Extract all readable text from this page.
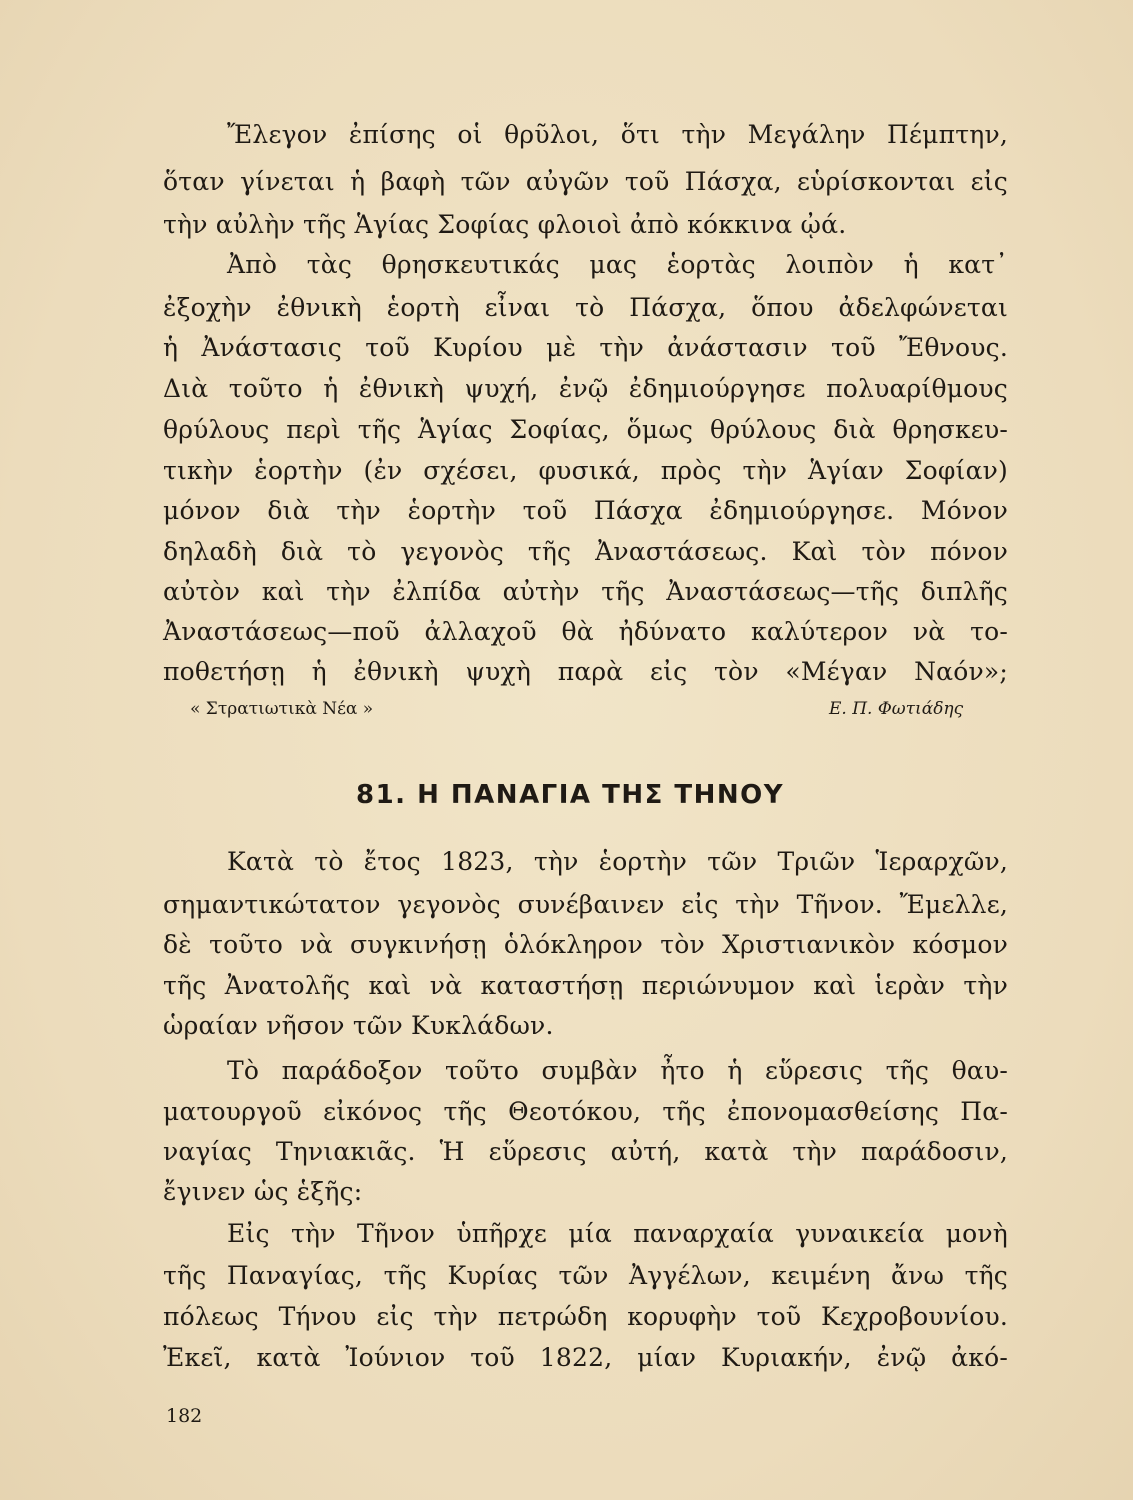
Ἔλεγον ἐπίσης οἱ θρῦλοι, ὅτι τὴν Μεγάλην Πέμπτην,
ὅταν γίνεται ἡ βαφὴ τῶν αὐγῶν τοῦ Πάσχα, εὑρίσκονται εἰς
τὴν αὐλὴν τῆς Ἁγίας Σοφίας φλοιοὶ ἀπὸ κόκκινα ᾠά.
Ἀπὸ τὰς θρησκευτικάς μας ἑορτὰς λοιπὸν ἡ κατ᾽
ἐξοχὴν ἐθνικὴ ἑορτὴ εἶναι τὸ Πάσχα, ὅπου ἀδελφώνεται
ἡ Ἀνάστασις τοῦ Κυρίου μὲ τὴν ἀνάστασιν τοῦ Ἔθνους.
Διὰ τοῦτο ἡ ἐθνικὴ ψυχή, ἐνῷ ἐδημιούργησε πολυαρίθμους
θρύλους περὶ τῆς Ἁγίας Σοφίας, ὅμως θρύλους διὰ θρησκευ-
τικὴν ἑορτὴν (ἐν σχέσει, φυσικά, πρὸς τὴν Ἁγίαν Σοφίαν)
μόνον διὰ τὴν ἑορτὴν τοῦ Πάσχα ἐδημιούργησε. Μόνον
δηλαδὴ διὰ τὸ γεγονὸς τῆς Ἀναστάσεως. Καὶ τὸν πόνον
αὐτὸν καὶ τὴν ἐλπίδα αὐτὴν τῆς Ἀναστάσεως—τῆς διπλῆς
Ἀναστάσεως—ποῦ ἀλλαχοῦ θὰ ἠδύνατο καλύτερον νὰ το-
ποθετήσῃ ἡ ἐθνικὴ ψυχὴ παρὰ εἰς τὸν «Μέγαν Ναόν»;
« Στρατιωτικὰ Νέα »	Ε. Π. Φωτιάδης
81. Η ΠΑΝΑΓΙΑ ΤΗΣ ΤΗΝΟΥ
Κατὰ τὸ ἔτος 1823, τὴν ἑορτὴν τῶν Τριῶν Ἱεραρχῶν,
σημαντικώτατον γεγονὸς συνέβαινεν εἰς τὴν Τῆνον. Ἔμελλε,
δὲ τοῦτο νὰ συγκινήσῃ ὁλόκληρον τὸν Χριστιανικὸν κόσμον
τῆς Ἀνατολῆς καὶ νὰ καταστήσῃ περιώνυμον καὶ ἱερὰν τὴν
ὡραίαν νῆσον τῶν Κυκλάδων.
Τὸ παράδοξον τοῦτο συμβὰν ἦτο ἡ εὕρεσις τῆς θαυ-
ματουργοῦ εἰκόνος τῆς Θεοτόκου, τῆς ἐπονομασθείσης Πα-
ναγίας Τηνιακιᾶς. Ἡ εὕρεσις αὐτή, κατὰ τὴν παράδοσιν,
ἔγινεν ὡς ἑξῆς:
Εἰς τὴν Τῆνον ὑπῆρχε μία παναρχαία γυναικεία μονὴ
τῆς Παναγίας, τῆς Κυρίας τῶν Ἀγγέλων, κειμένη ἄνω τῆς
πόλεως Τήνου εἰς τὴν πετρώδη κορυφὴν τοῦ Κεχροβουνίου.
Ἐκεῖ, κατὰ Ἰούνιον τοῦ 1822, μίαν Κυριακήν, ἐνῷ ἀκό-
182
